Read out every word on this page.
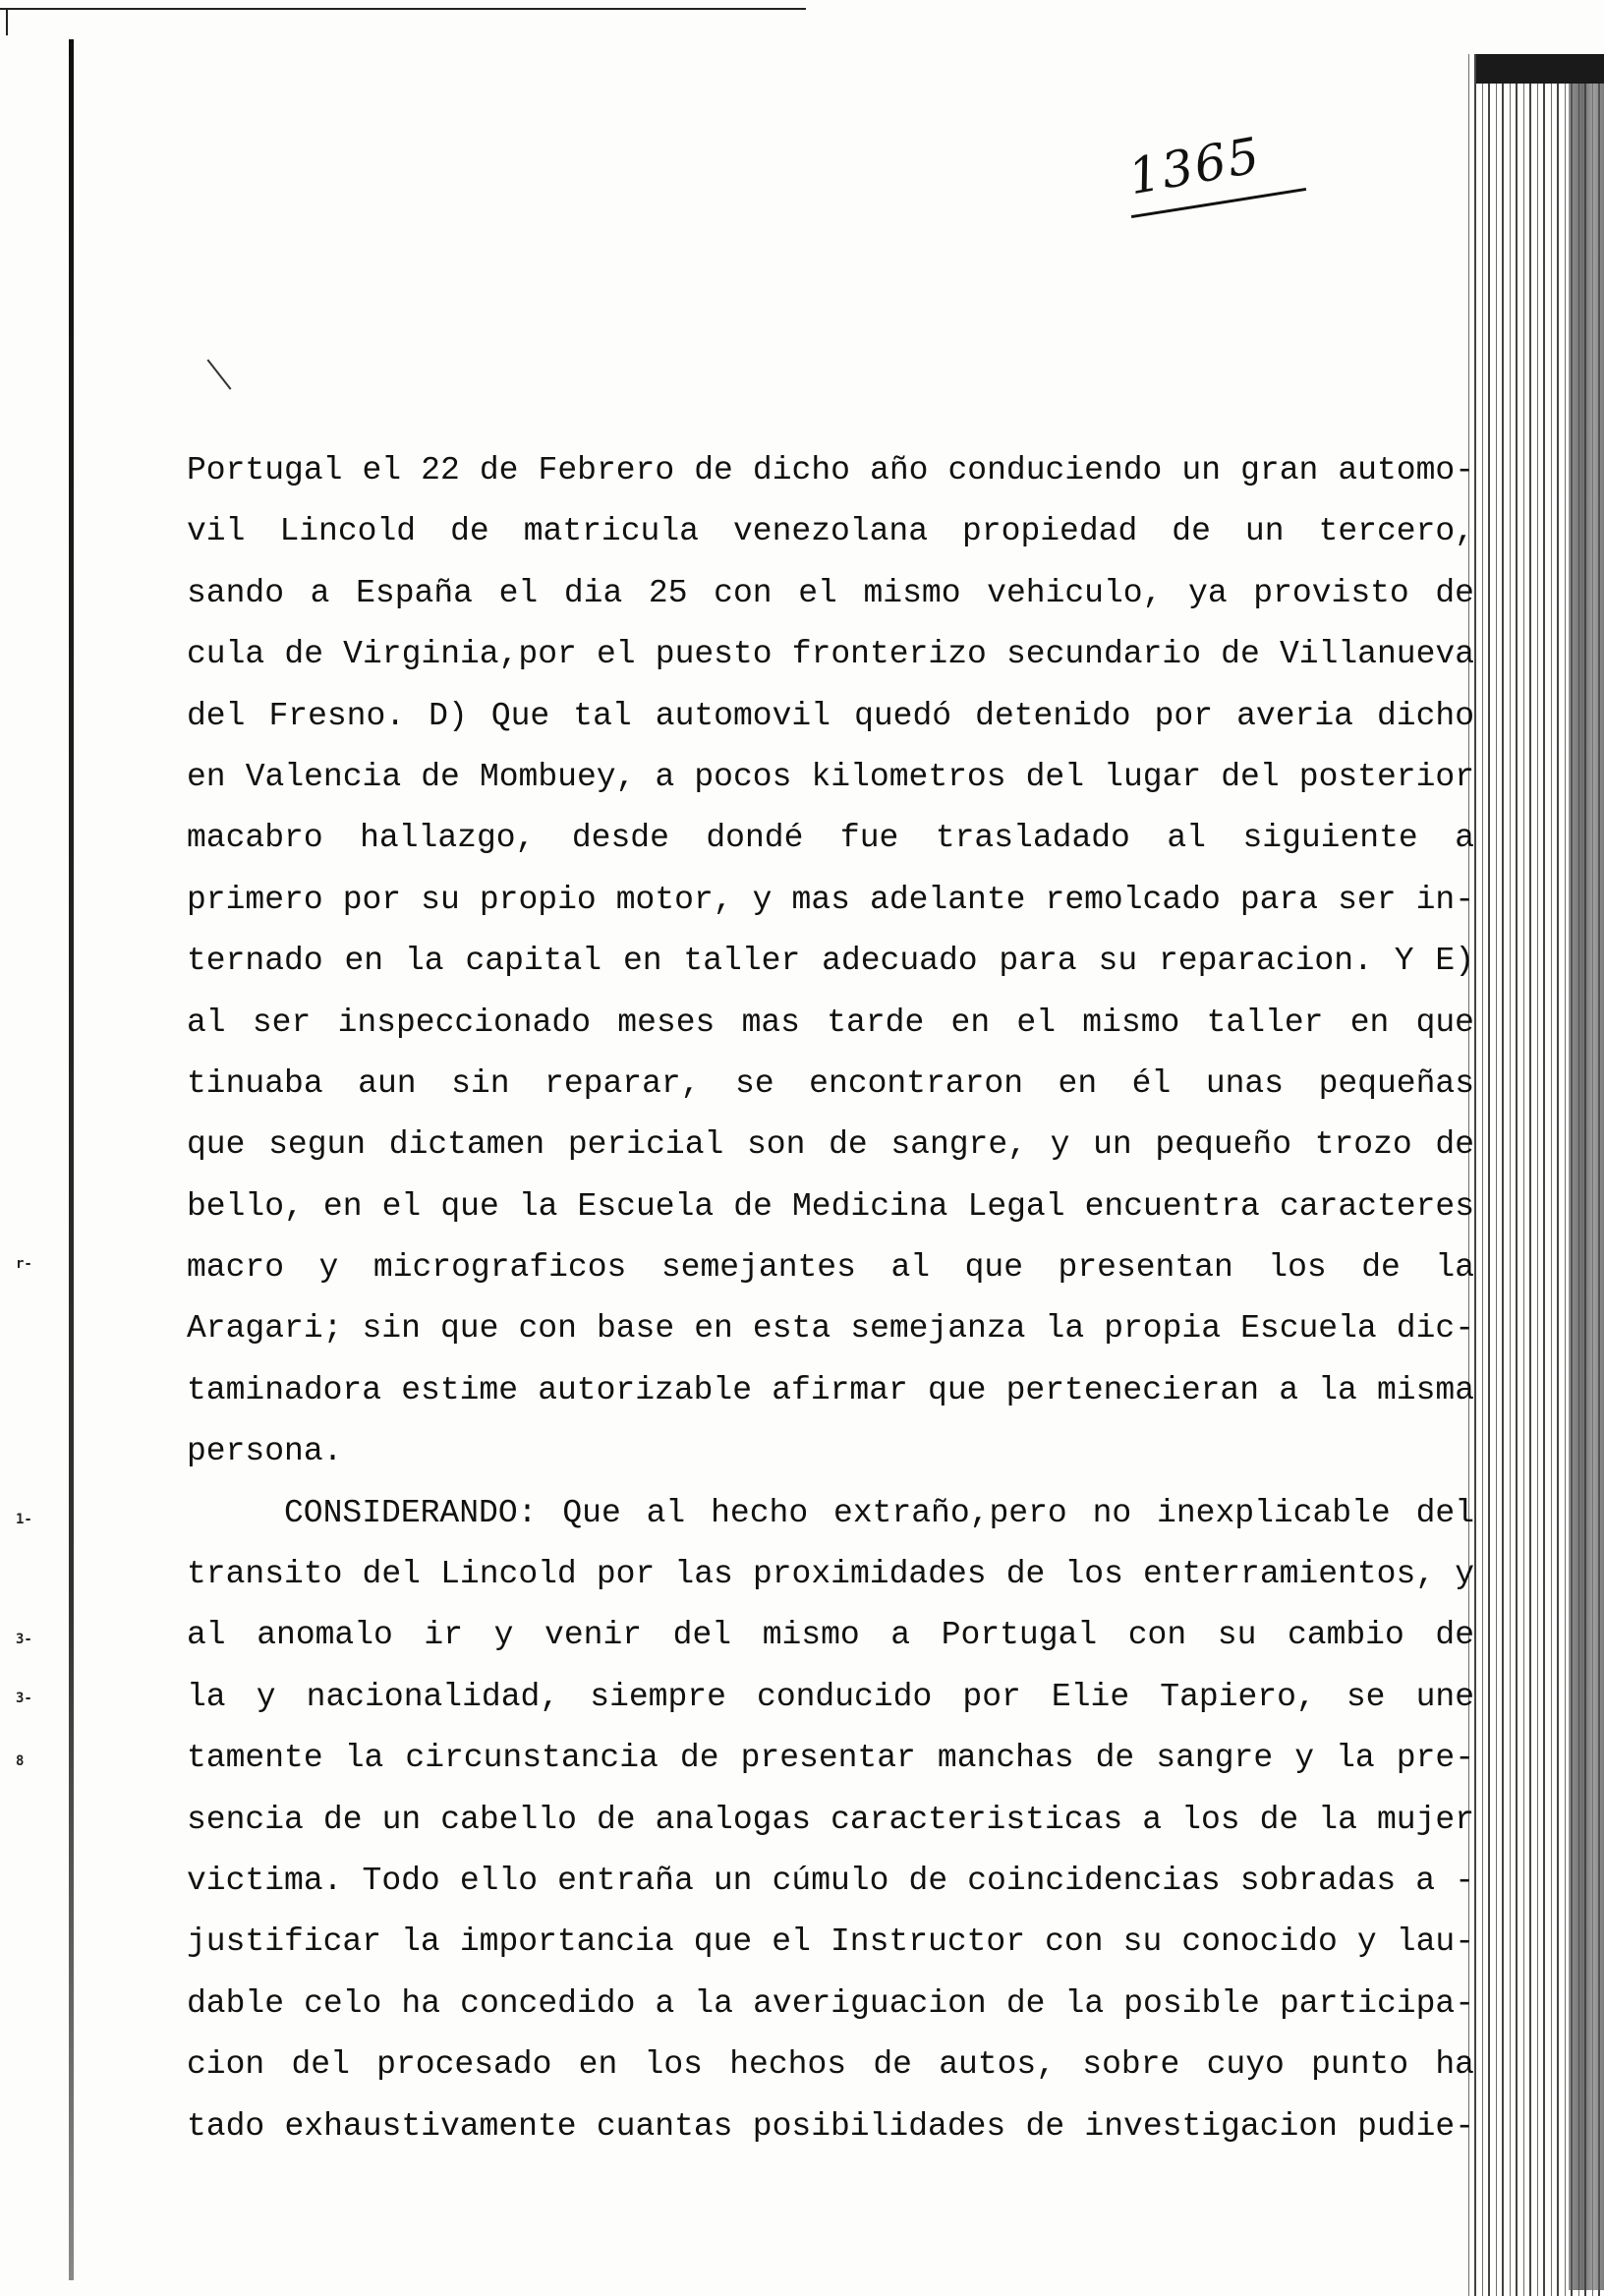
r-
1-
3-
3-
8
1365
Portugal el 22 de Febrero de dicho año conduciendo un gran automo-
vil Lincold de matricula venezolana propiedad de un tercero,
sando a España el dia 25 con el mismo vehiculo, ya provisto de
cula de Virginia,por el puesto fronterizo secundario de Villanueva
del Fresno. D) Que tal automovil quedó detenido por averia dicho
en Valencia de Mombuey, a pocos kilometros del lugar del posterior
macabro hallazgo, desde dondé fue trasladado al siguiente a
primero por su propio motor, y mas adelante remolcado para ser in-
ternado en la capital en taller adecuado para su reparacion. Y E)
al ser inspeccionado meses mas tarde en el mismo taller en que
tinuaba aun sin reparar, se encontraron en él unas pequeñas
que segun dictamen pericial son de sangre, y un pequeño trozo de
bello, en el que la Escuela de Medicina Legal encuentra caracteres
macro y micrograficos semejantes al que presentan los de la
Aragari; sin que con base en esta semejanza la propia Escuela dic-
taminadora estime autorizable afirmar que pertenecieran a la misma
persona.
CONSIDERANDO: Que al hecho extraño,pero no inexplicable del
transito del Lincold por las proximidades de los enterramientos, y
al anomalo ir y venir del mismo a Portugal con su cambio de
la y nacionalidad, siempre conducido por Elie Tapiero, se une
tamente la circunstancia de presentar manchas de sangre y la pre-
sencia de un cabello de analogas caracteristicas a los de la mujer
victima. Todo ello entraña un cúmulo de coincidencias sobradas a -
justificar la importancia que el Instructor con su conocido y lau-
dable celo ha concedido a la averiguacion de la posible participa-
cion del procesado en los hechos de autos, sobre cuyo punto ha
tado exhaustivamente cuantas posibilidades de investigacion pudie-
